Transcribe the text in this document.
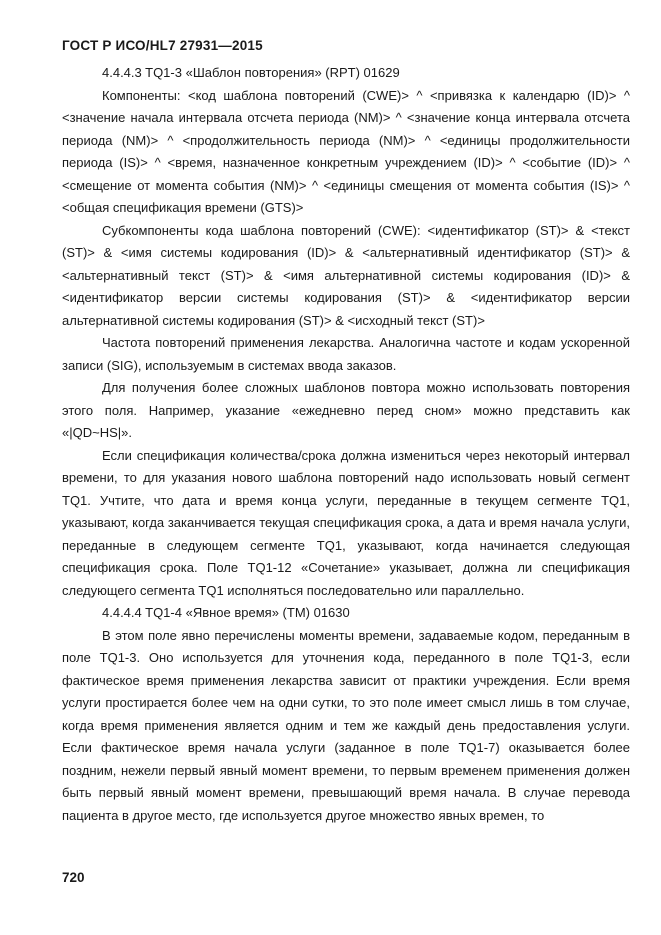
ГОСТ Р ИСО/HL7 27931—2015
4.4.4.3 TQ1-3 «Шаблон повторения» (RPT) 01629

Компоненты: <код шаблона повторений (CWE)> ^ <привязка к календарю (ID)> ^ <значение начала интервала отсчета периода (NM)> ^ <значение конца интервала отсчета периода (NM)> ^ <продолжительность периода (NM)> ^ <единицы продолжительности периода (IS)> ^ <время, назначенное конкретным учреждением (ID)> ^ <событие (ID)> ^ <смещение от момента события (NM)> ^ <единицы смещения от момента события (IS)> ^ <общая спецификация времени (GTS)>

Субкомпоненты кода шаблона повторений (CWE): <идентификатор (ST)> & <текст (ST)> & <имя системы кодирования (ID)> & <альтернативный идентификатор (ST)> & <альтернативный текст (ST)> & <имя альтернативной системы кодирования (ID)> & <идентификатор версии системы кодирования (ST)> & <идентификатор версии альтернативной системы кодирования (ST)> & <исходный текст (ST)>

Частота повторений применения лекарства. Аналогична частоте и кодам ускоренной записи (SIG), используемым в системах ввода заказов.

Для получения более сложных шаблонов повтора можно использовать повторения этого поля. Например, указание «ежедневно перед сном» можно представить как «|QD~HS|».

Если спецификация количества/срока должна измениться через некоторый интервал времени, то для указания нового шаблона повторений надо использовать новый сегмент TQ1. Учтите, что дата и время конца услуги, переданные в текущем сегменте TQ1, указывают, когда заканчивается текущая спецификация срока, а дата и время начала услуги, переданные в следующем сегменте TQ1, указывают, когда начинается следующая спецификация срока. Поле TQ1-12 «Сочетание» указывает, должна ли спецификация следующего сегмента TQ1 исполняться последовательно или параллельно.

4.4.4.4 TQ1-4 «Явное время» (TM) 01630

В этом поле явно перечислены моменты времени, задаваемые кодом, переданным в поле TQ1-3. Оно используется для уточнения кода, переданного в поле TQ1-3, если фактическое время применения лекарства зависит от практики учреждения. Если время услуги простирается более чем на одни сутки, то это поле имеет смысл лишь в том случае, когда время применения является одним и тем же каждый день предоставления услуги. Если фактическое время начала услуги (заданное в поле TQ1-7) оказывается более поздним, нежели первый явный момент времени, то первым временем применения должен быть первый явный момент времени, превышающий время начала. В случае перевода пациента в другое место, где используется другое множество явных времен, то

720
